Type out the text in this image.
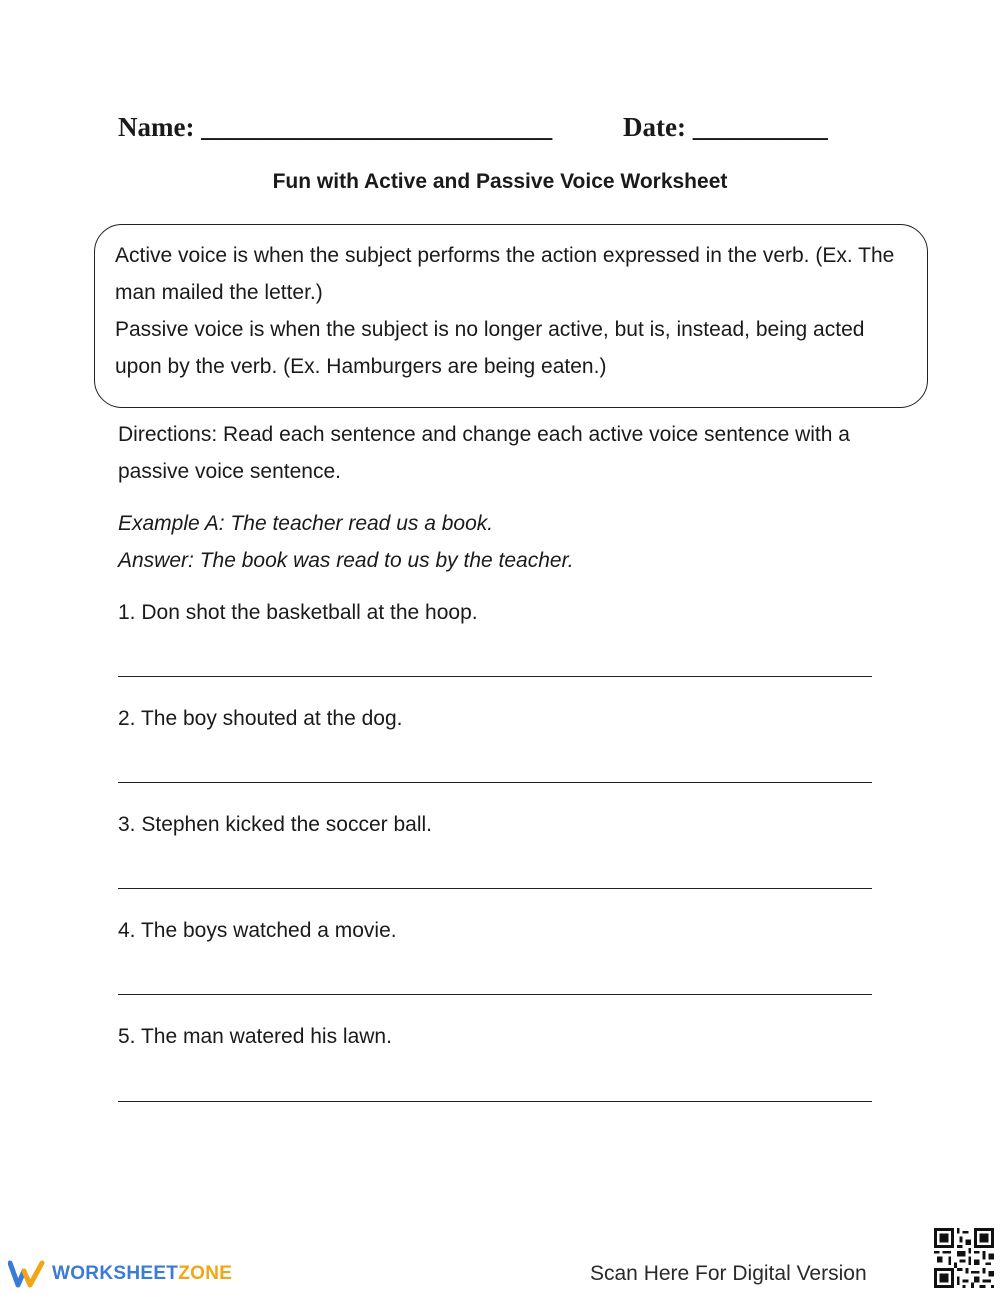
Name: __________________________	Date: __________
Fun with Active and Passive Voice Worksheet

Active voice is when the subject performs the action expressed in the verb. (Ex. The man mailed the letter.)

Passive voice is when the subject is no longer active, but is, instead, being acted upon by the verb. (Ex. Hamburgers are being eaten.)

Directions: Read each sentence and change each active voice sentence with a passive voice sentence.

Example A: The teacher read us a book.

Answer: The book was read to us by the teacher.

1. Don shot the basketball at the hoop.
2. The boy shouted at the dog.
3. Stephen kicked the soccer ball.
4. The boys watched a movie.
5. The man watered his lawn.
WORKSHEETZONE	Scan Here For Digital Version
